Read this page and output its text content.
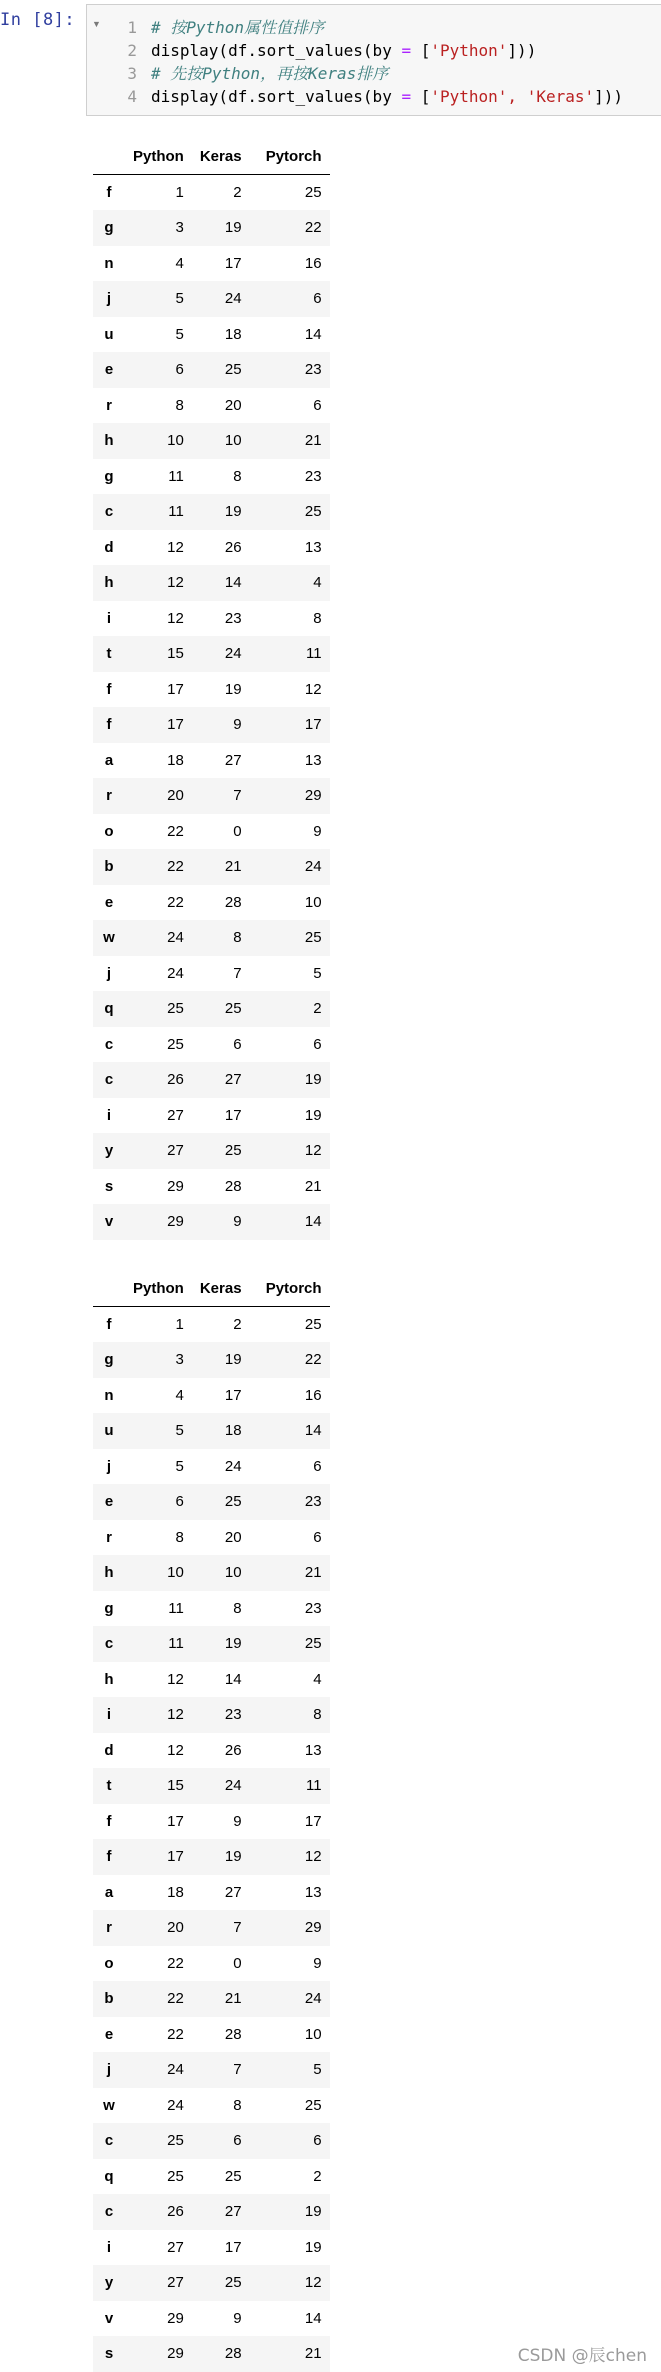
In [8]:	▼	1 # 按Python属性值排序
2 display(df.sort_values(by = ['Python']))
3 # 先按Python，再按Keras排序
4 display(df.sort_values(by = ['Python', 'Keras']))
	Python	Keras	Pytorch
f	1	2	25
g	3	19	22
n	4	17	16
j	5	24	6
u	5	18	14
e	6	25	23
r	8	20	6
h	10	10	21
g	11	8	23
c	11	19	25
d	12	26	13
h	12	14	4
i	12	23	8
t	15	24	11
f	17	19	12
f	17	9	17
a	18	27	13
r	20	7	29
o	22	0	9
b	22	21	24
e	22	28	10
w	24	8	25
j	24	7	5
q	25	25	2
c	25	6	6
c	26	27	19
i	27	17	19
y	27	25	12
s	29	28	21
v	29	9	14
	Python	Keras	Pytorch
f	1	2	25
g	3	19	22
n	4	17	16
u	5	18	14
j	5	24	6
e	6	25	23
r	8	20	6
h	10	10	21
g	11	8	23
c	11	19	25
h	12	14	4
i	12	23	8
d	12	26	13
t	15	24	11
f	17	9	17
f	17	19	12
a	18	27	13
r	20	7	29
o	22	0	9
b	22	21	24
e	22	28	10
j	24	7	5
w	24	8	25
c	25	6	6
q	25	25	2
c	26	27	19
i	27	17	19
y	27	25	12
v	29	9	14
s	29	28	21	CSDN @辰chen
